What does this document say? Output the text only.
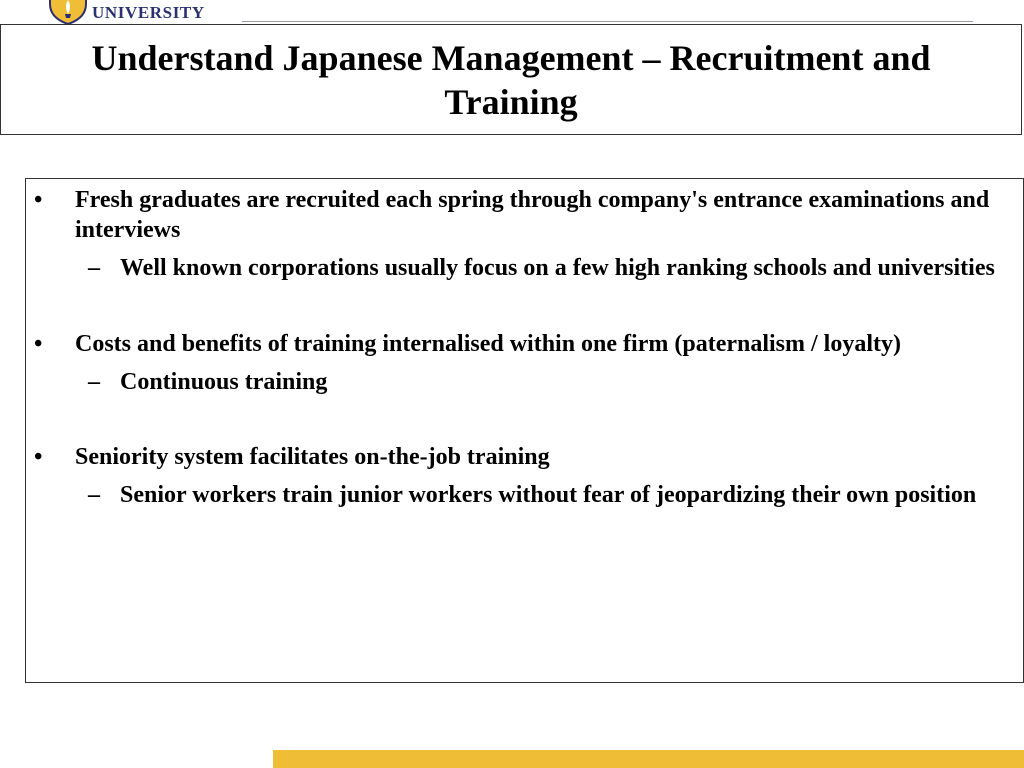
UNIVERSITY
Understand Japanese Management – Recruitment and Training
• Fresh graduates are recruited each spring through company's entrance examinations and interviews
– Well known corporations usually focus on a few high ranking schools and universities
• Costs and benefits of training internalised within one firm (paternalism / loyalty)
– Continuous training
• Seniority system facilitates on-the-job training
– Senior workers train junior workers without fear of jeopardizing their own position
